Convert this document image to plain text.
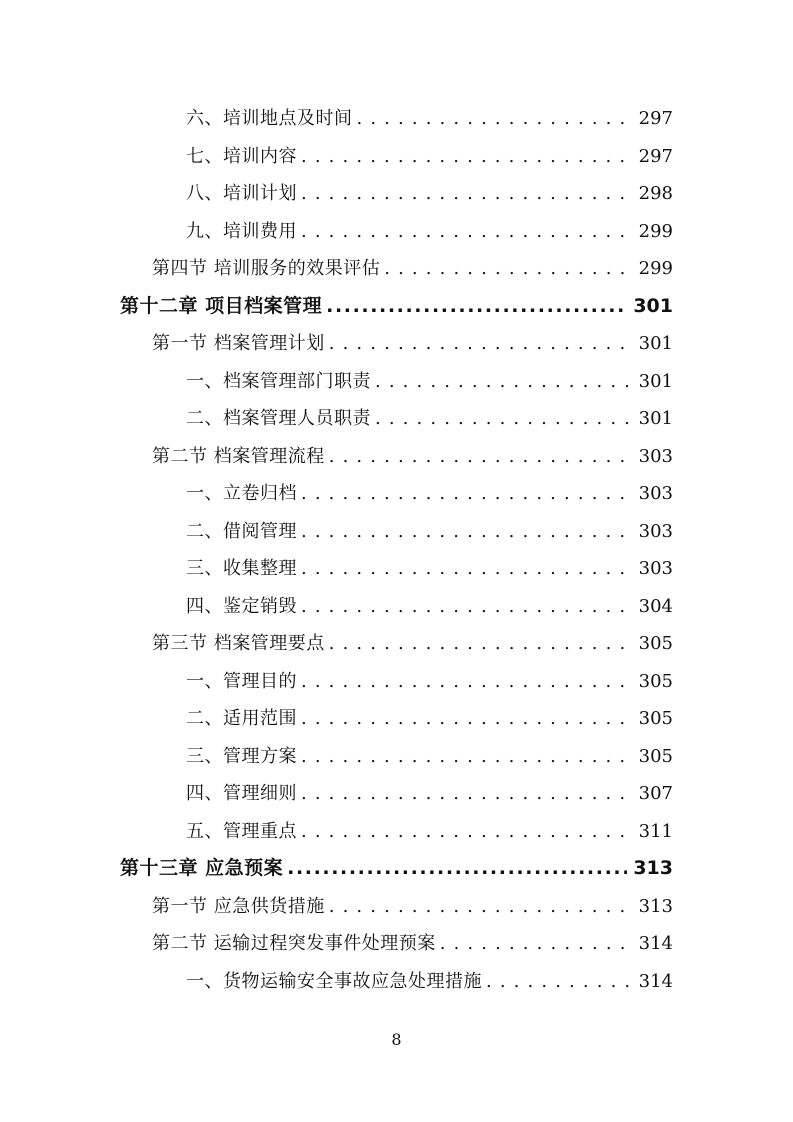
六、培训地点及时间 . . .	297
七、培训内容 . . .	297
八、培训计划 . . .	298
九、培训费用 . . .	299
第四节 培训服务的效果评估 . . .	299
第十二章 项目档案管理 .....	301
第一节 档案管理计划 . . .	301
一、档案管理部门职责 . . .	301
二、档案管理人员职责 . . .	301
第二节 档案管理流程 . . .	303
一、立卷归档 . . .	303
二、借阅管理 . . .	303
三、收集整理 . . .	303
四、鉴定销毁 . . .	304
第三节 档案管理要点 . . .	305
一、管理目的 . . .	305
二、适用范围 . . .	305
三、管理方案 . . .	305
四、管理细则 . . .	307
五、管理重点 . . .	311
第十三章 应急预案 .....	313
第一节 应急供货措施 . . .	313
第二节 运输过程突发事件处理预案 . . .	314
一、货物运输安全事故应急处理措施 . . .	314
8
